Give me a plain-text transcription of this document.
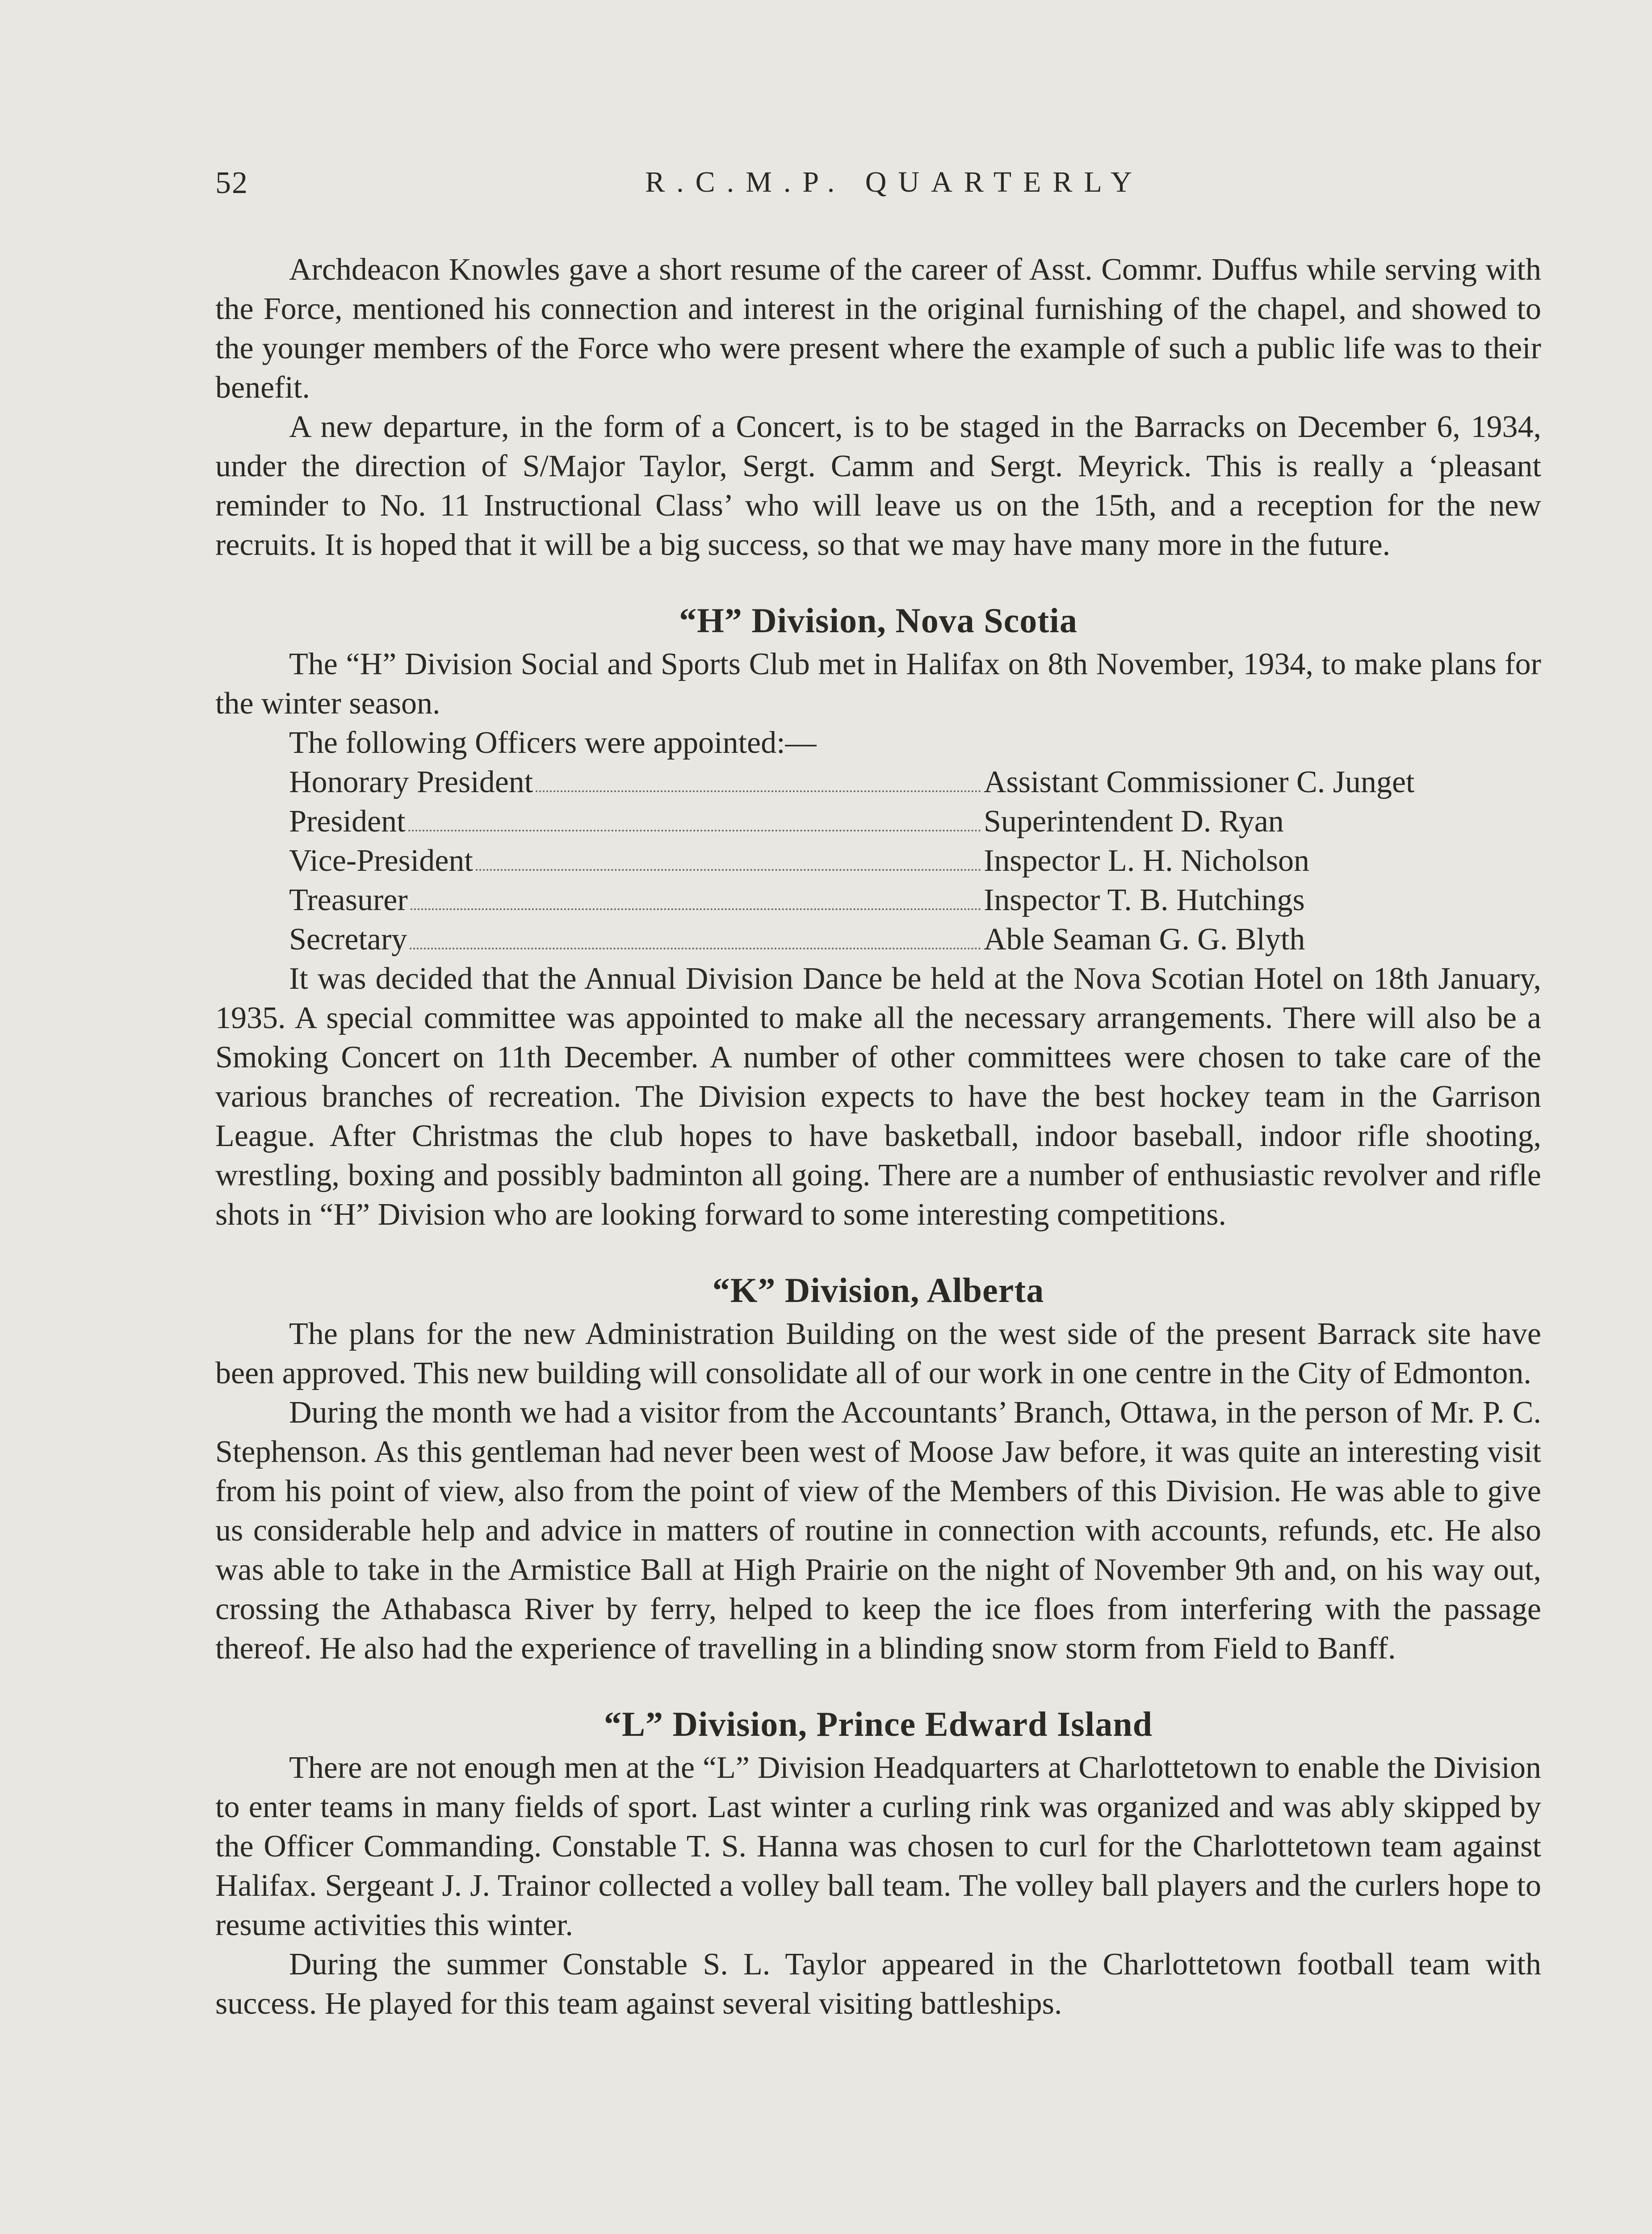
52	R.C.M.P. QUARTERLY

Archdeacon Knowles gave a short resume of the career of Asst. Commr. Duffus while serving with the Force, mentioned his connection and interest in the original furnishing of the chapel, and showed to the younger members of the Force who were present where the example of such a public life was to their benefit.

A new departure, in the form of a Concert, is to be staged in the Barracks on December 6, 1934, under the direction of S/Major Taylor, Sergt. Camm and Sergt. Meyrick. This is really a ‘pleasant reminder to No. 11 Instructional Class’ who will leave us on the 15th, and a reception for the new recruits. It is hoped that it will be a big success, so that we may have many more in the future.

“H” Division, Nova Scotia

The “H” Division Social and Sports Club met in Halifax on 8th November, 1934, to make plans for the winter season.

The following Officers were appointed:—

Honorary President	Assistant Commissioner C. Junget
President	Superintendent D. Ryan
Vice-President	Inspector L. H. Nicholson
Treasurer	Inspector T. B. Hutchings
Secretary	Able Seaman G. G. Blyth

It was decided that the Annual Division Dance be held at the Nova Scotian Hotel on 18th January, 1935. A special committee was appointed to make all the necessary arrangements. There will also be a Smoking Concert on 11th December. A number of other committees were chosen to take care of the various branches of recreation. The Division expects to have the best hockey team in the Garrison League. After Christmas the club hopes to have basketball, indoor baseball, indoor rifle shooting, wrestling, boxing and possibly badminton all going. There are a number of enthusiastic revolver and rifle shots in “H” Division who are looking forward to some interesting competitions.

“K” Division, Alberta

The plans for the new Administration Building on the west side of the present Barrack site have been approved. This new building will consolidate all of our work in one centre in the City of Edmonton.

During the month we had a visitor from the Accountants’ Branch, Ottawa, in the person of Mr. P. C. Stephenson. As this gentleman had never been west of Moose Jaw before, it was quite an interesting visit from his point of view, also from the point of view of the Members of this Division. He was able to give us considerable help and advice in matters of routine in connection with accounts, refunds, etc. He also was able to take in the Armistice Ball at High Prairie on the night of November 9th and, on his way out, crossing the Athabasca River by ferry, helped to keep the ice floes from interfering with the passage thereof. He also had the experience of travelling in a blinding snow storm from Field to Banff.

“L” Division, Prince Edward Island

There are not enough men at the “L” Division Headquarters at Charlottetown to enable the Division to enter teams in many fields of sport. Last winter a curling rink was organized and was ably skipped by the Officer Commanding. Constable T. S. Hanna was chosen to curl for the Charlottetown team against Halifax. Sergeant J. J. Trainor collected a volley ball team. The volley ball players and the curlers hope to resume activities this winter.

During the summer Constable S. L. Taylor appeared in the Charlottetown football team with success. He played for this team against several visiting battleships.
